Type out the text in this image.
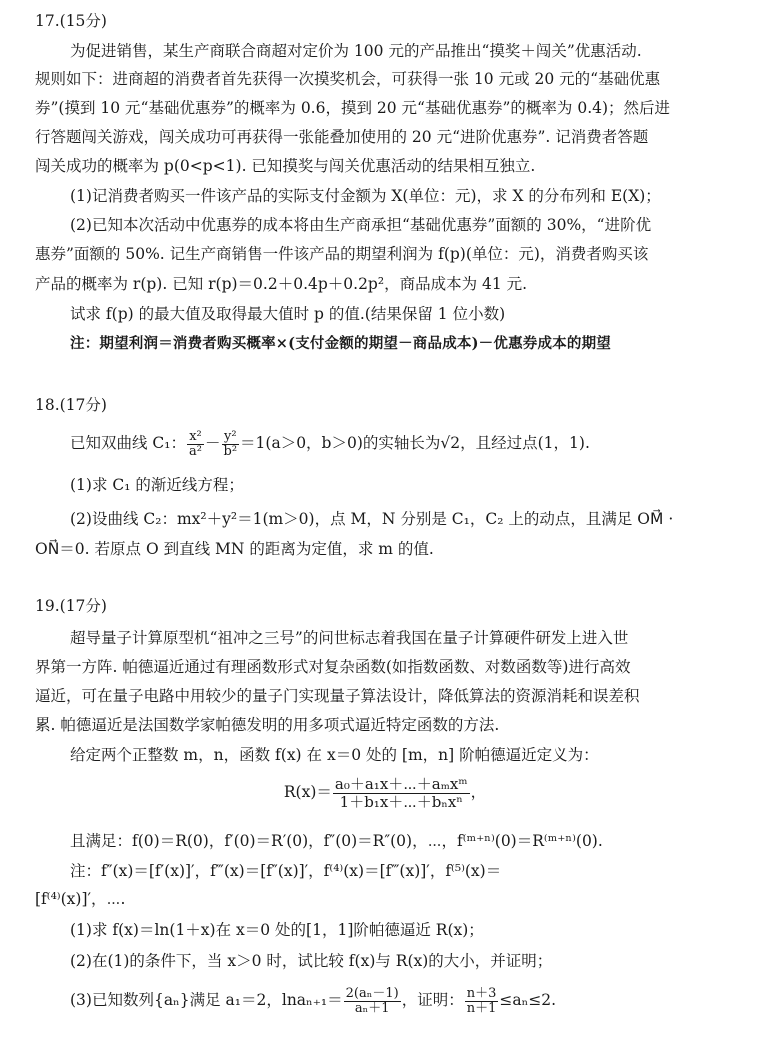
17.(15分)
为促进销售，某生产商联合商超对定价为 100 元的产品推出“摸奖＋闯关”优惠活动.
规则如下：进商超的消费者首先获得一次摸奖机会，可获得一张 10 元或 20 元的“基础优惠
券”(摸到 10 元“基础优惠券”的概率为 0.6，摸到 20 元“基础优惠券”的概率为 0.4)；然后进
行答题闯关游戏，闯关成功可再获得一张能叠加使用的 20 元“进阶优惠券”. 记消费者答题
闯关成功的概率为 p(0<p<1). 已知摸奖与闯关优惠活动的结果相互独立.
(1)记消费者购买一件该产品的实际支付金额为 X(单位：元)，求 X 的分布列和 E(X)；
(2)已知本次活动中优惠券的成本将由生产商承担“基础优惠券”面额的 30%，“进阶优
惠券”面额的 50%. 记生产商销售一件该产品的期望利润为 f(p)(单位：元)，消费者购买该
产品的概率为 r(p). 已知 r(p)＝0.2＋0.4p＋0.2p²，商品成本为 41 元.
试求 f(p) 的最大值及取得最大值时 p 的值.(结果保留 1 位小数)
注：期望利润＝消费者购买概率×(支付金额的期望－商品成本)－优惠券成本的期望
18.(17分)
已知双曲线 C₁： $\frac{\text{x²}}{\text{a²}} - \frac{\text{y²}}{\text{b²}} =1(a>0$，b＞0)的实轴长为√2，且经过点(1，1).
(1)求 C₁ 的渐近线方程；
(2)设曲线 C₂：mx²＋y²＝1(m＞0)，点 M，N 分别是 C₁，C₂ 上的动点，且满足 OM⃗ ·
ON⃗＝0. 若原点 O 到直线 MN 的距离为定值，求 m 的值.
19.(17分)
超导量子计算原型机“祖冲之三号”的问世标志着我国在量子计算硬件研发上进入世
界第一方阵. 帕德逼近通过有理函数形式对复杂函数(如指数函数、对数函数等)进行高效
逼近，可在量子电路中用较少的量子门实现量子算法设计，降低算法的资源消耗和误差积
累. 帕德逼近是法国数学家帕德发明的用多项式逼近特定函数的方法.
给定两个正整数 m，n，函数 f(x) 在 x＝0 处的 [m，n] 阶帕德逼近定义为：
$R(x)= \frac{\text{a₀＋a₁x＋⋯＋aₘxᵐ}}{\text{1＋b₁x＋⋯＋bₙxⁿ}}$ ，
且满足：f(0)＝R(0)，f′(0)＝R′(0)，f″(0)＝R″(0)，⋯，f⁽ᵐ⁺ⁿ⁾(0)＝R⁽ᵐ⁺ⁿ⁾(0).
注：f″(x)＝[f′(x)]′，f‴(x)＝[f″(x)]′，f⁽⁴⁾(x)＝[f‴(x)]′，f⁽⁵⁾(x)＝
[f⁽⁴⁾(x)]′，⋯.
(1)求 f(x)＝ln(1＋x)在 x＝0 处的[1，1]阶帕德逼近 R(x)；
(2)在(1)的条件下，当 x＞0 时，试比较 f(x)与 R(x)的大小，并证明；
(3)已知数列{aₙ}满足 a₁＝2，$\ln a_{n+1}= \frac{\text{2(aₙ－1)}}{\text{aₙ＋1}}$ ，证明： $\frac{n+3}{n+1} \le a_n\le 2$.
